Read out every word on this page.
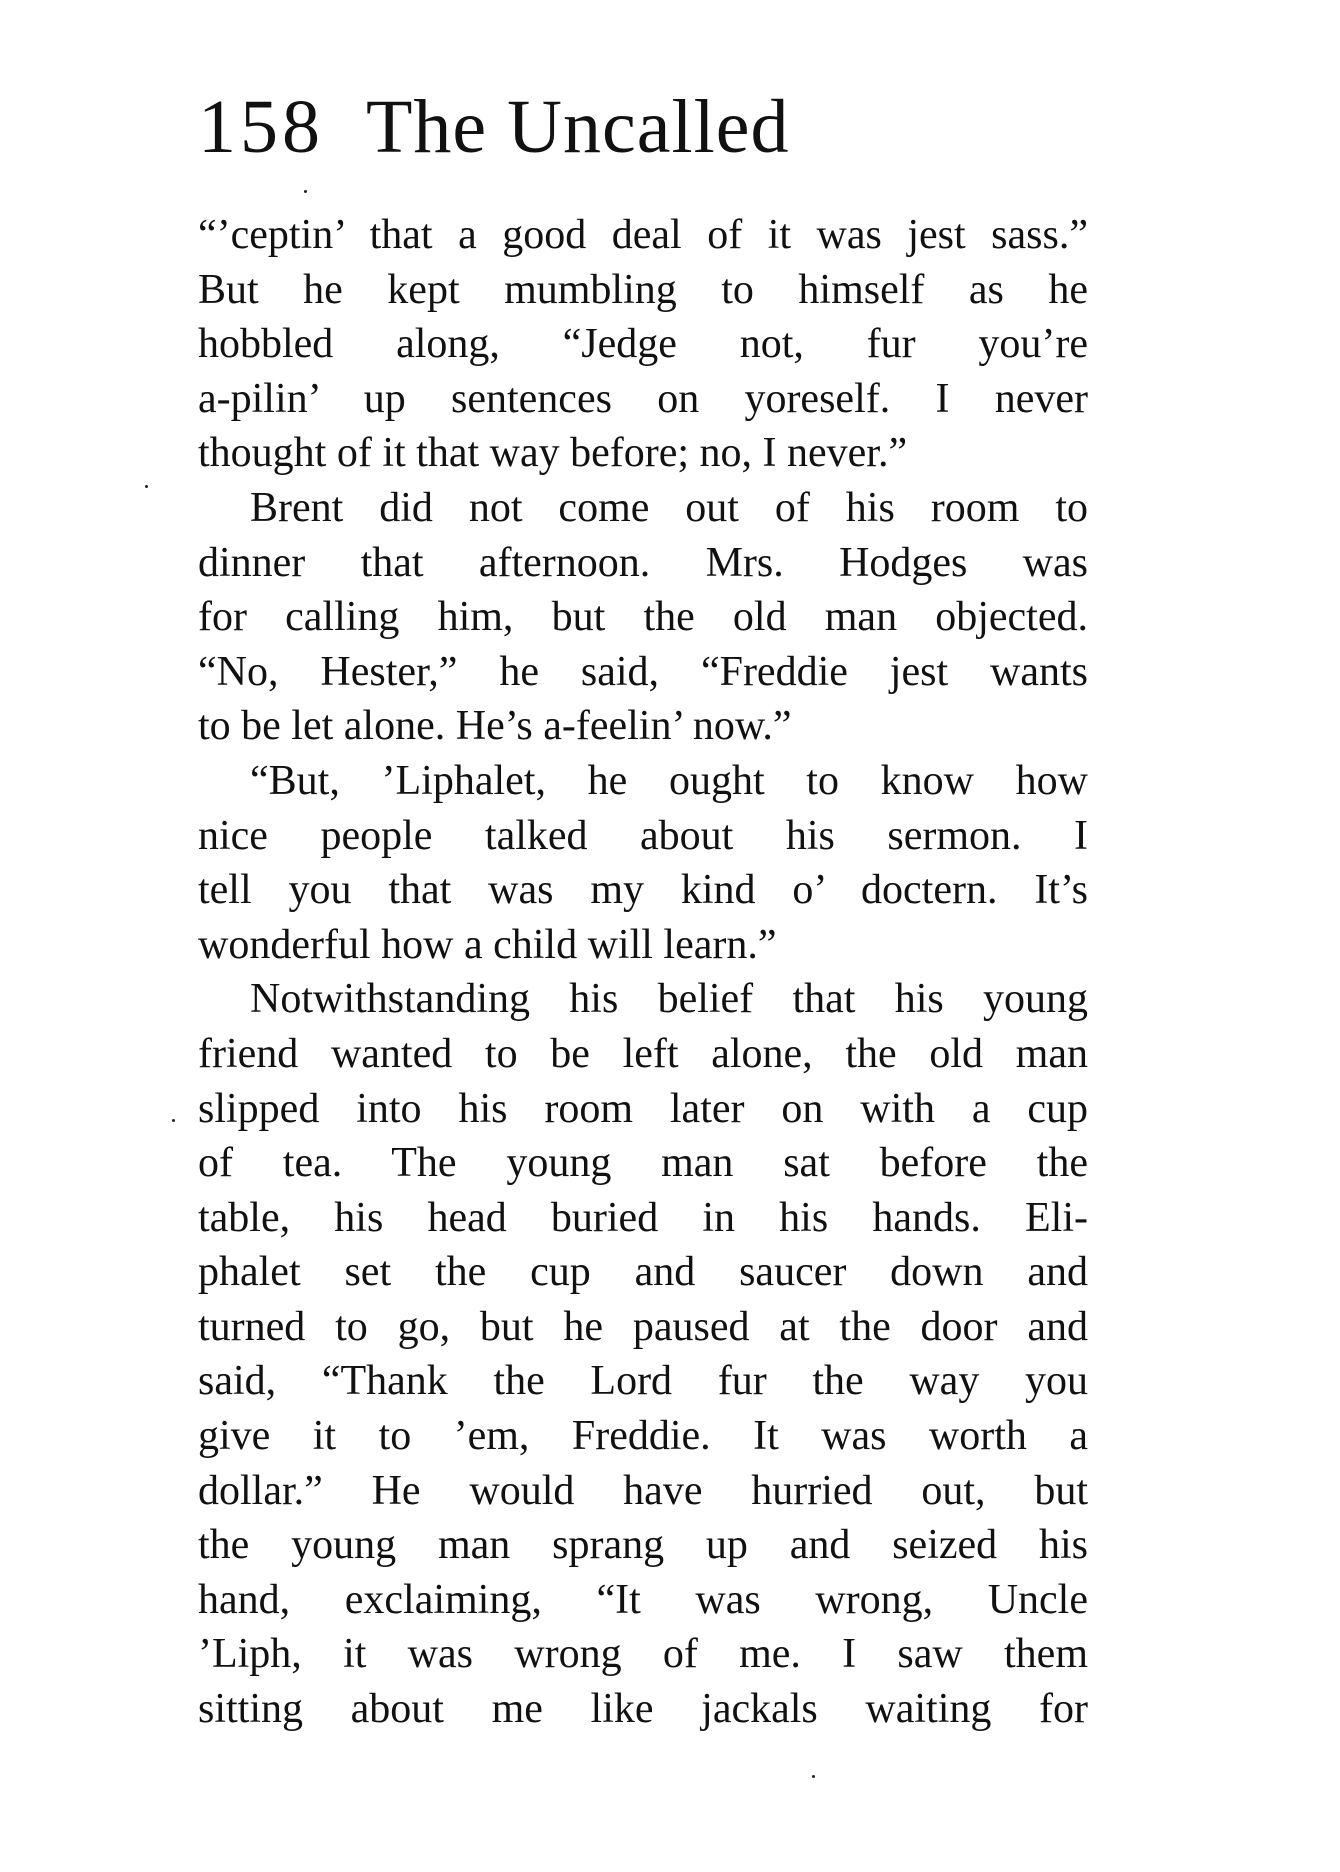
158 The Uncalled
“’ceptin’ that a good deal of it was jest sass.”
But he kept mumbling to himself as he
hobbled along, “Jedge not, fur you’re
a-pilin’ up sentences on yoreself. I never
thought of it that way before; no, I never.”
Brent did not come out of his room to
dinner that afternoon. Mrs. Hodges was
for calling him, but the old man objected.
“No, Hester,” he said, “Freddie jest wants
to be let alone. He’s a-feelin’ now.”
“But, ’Liphalet, he ought to know how
nice people talked about his sermon. I
tell you that was my kind o’ doctern. It’s
wonderful how a child will learn.”
Notwithstanding his belief that his young
friend wanted to be left alone, the old man
slipped into his room later on with a cup
of tea. The young man sat before the
table, his head buried in his hands. Eli-
phalet set the cup and saucer down and
turned to go, but he paused at the door and
said, “Thank the Lord fur the way you
give it to ’em, Freddie. It was worth a
dollar.” He would have hurried out, but
the young man sprang up and seized his
hand, exclaiming, “It was wrong, Uncle
’Liph, it was wrong of me. I saw them
sitting about me like jackals waiting for
